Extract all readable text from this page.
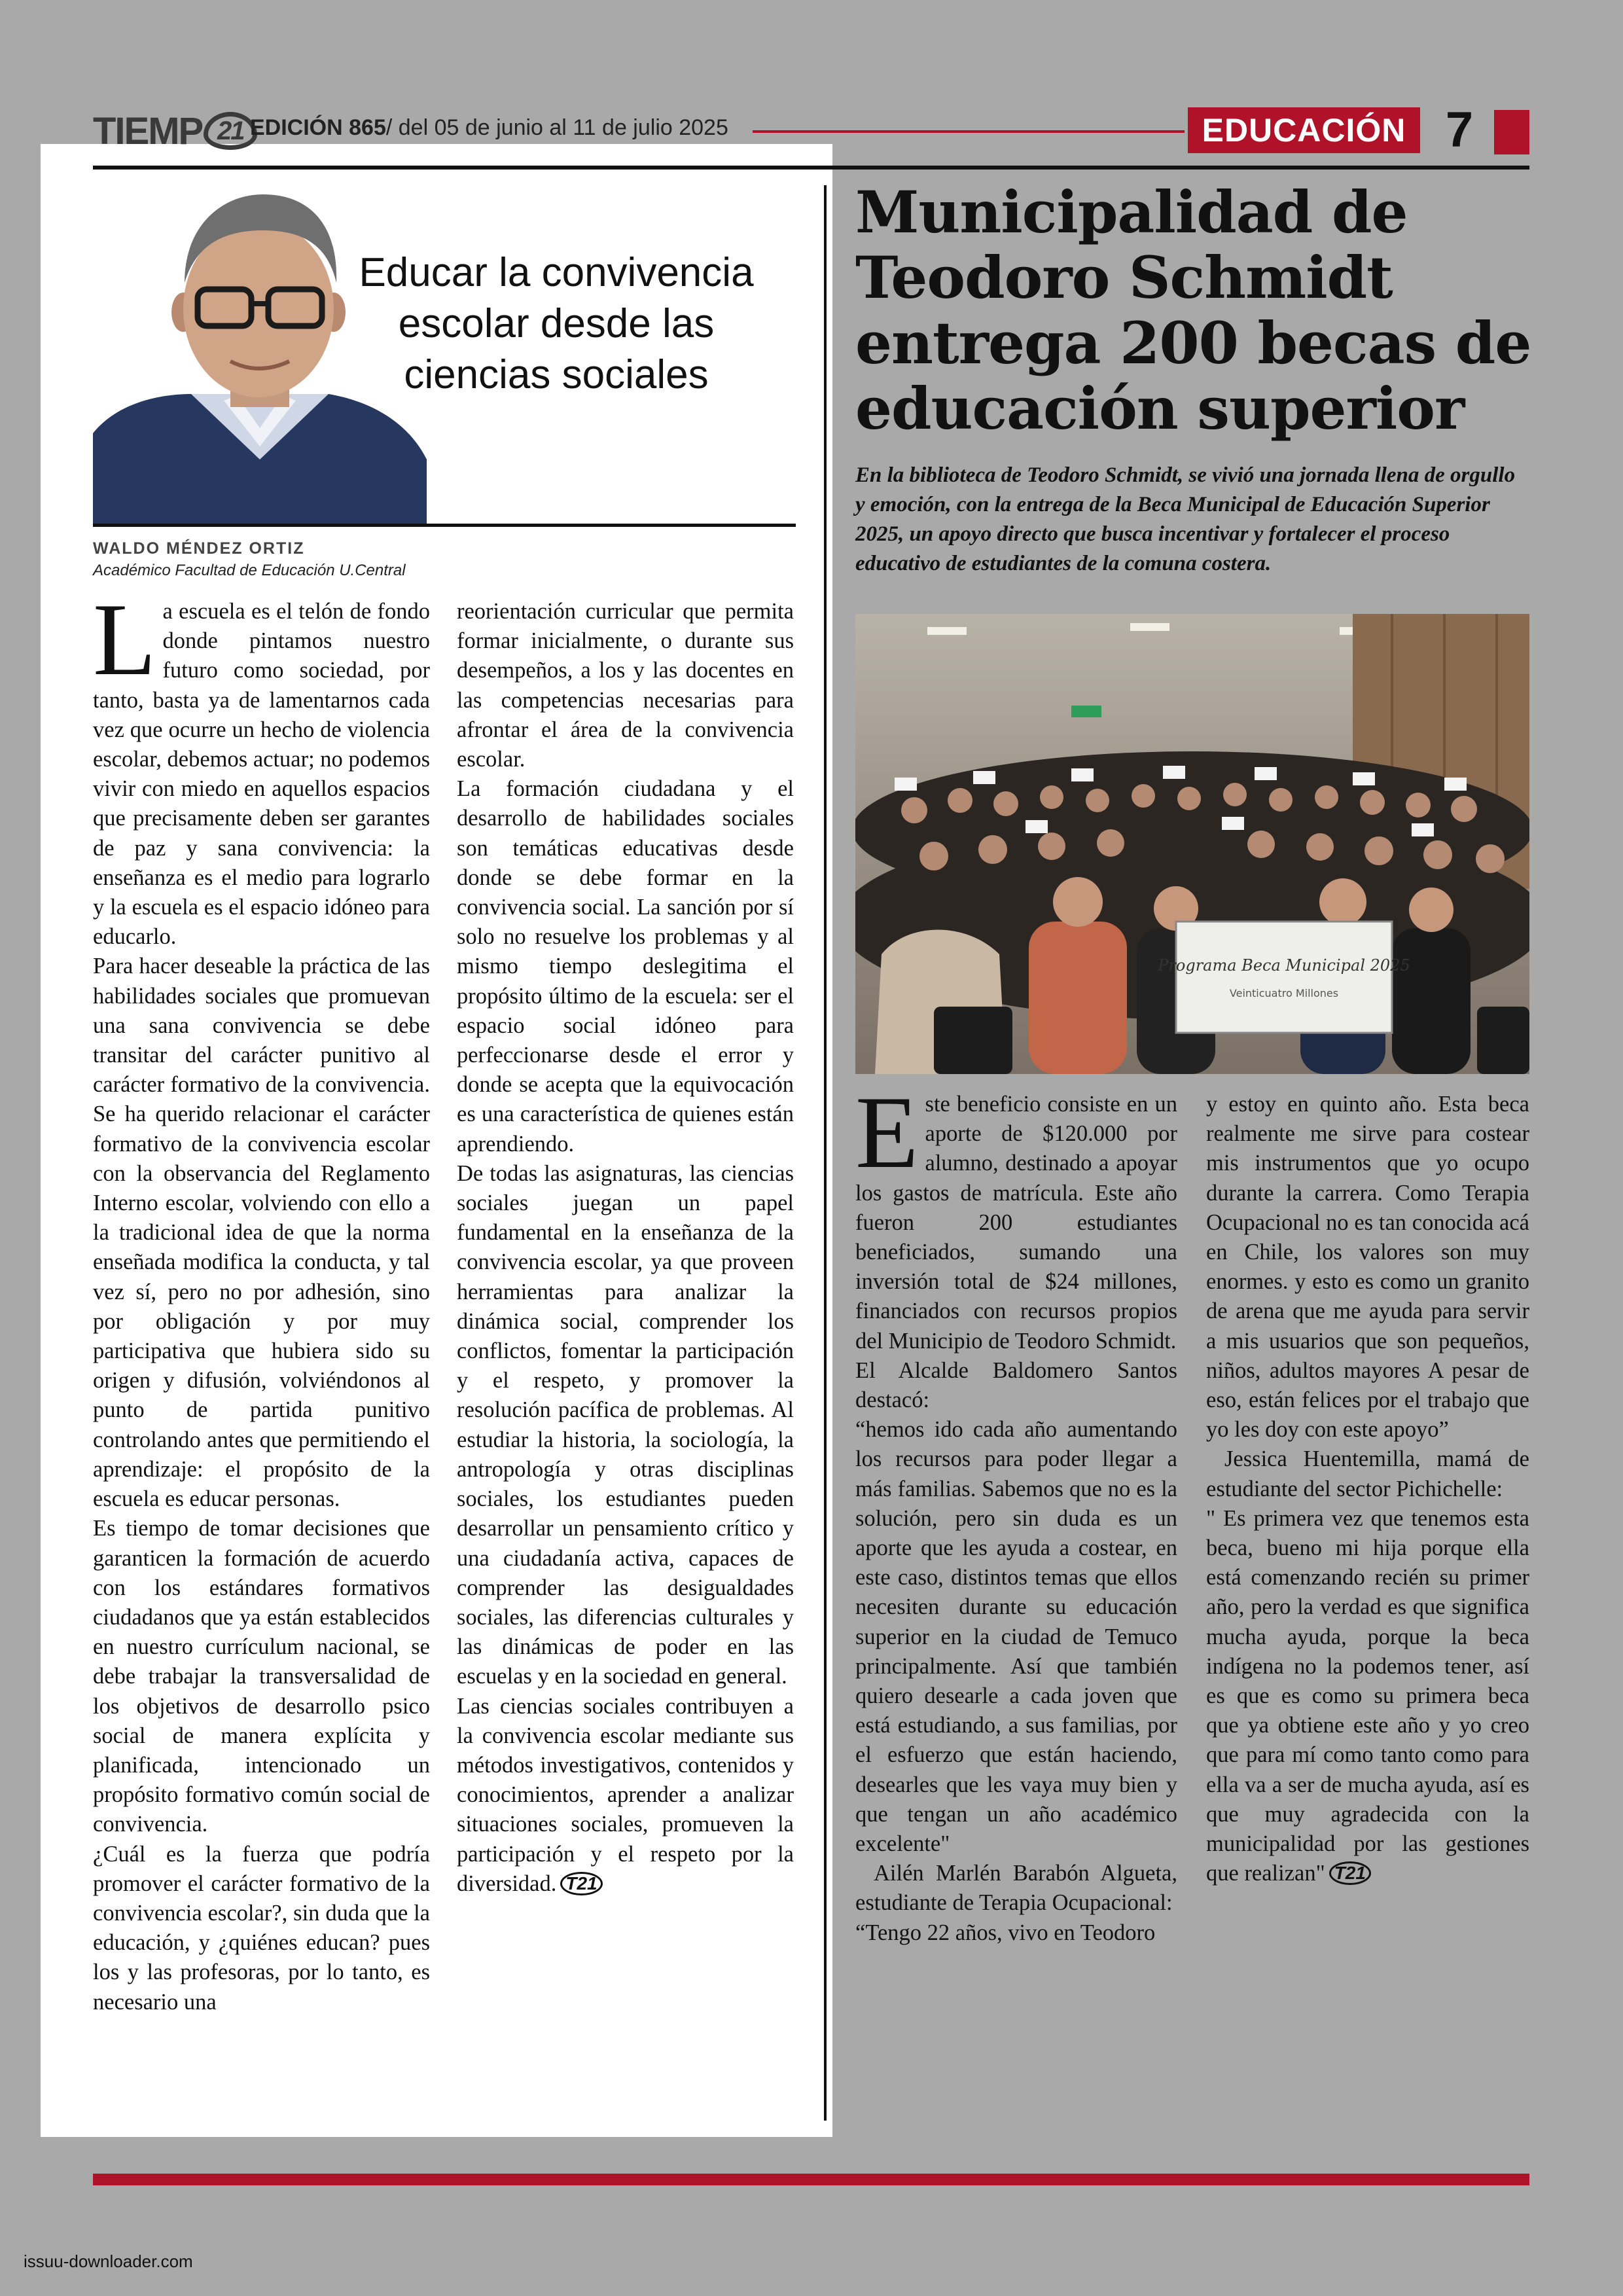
TIEMP 21 EDICIÓN 865/ del 05 de junio al 11 de julio 2025	EDUCACIÓN 7
Educar la convivencia escolar desde las ciencias sociales
WALDO MÉNDEZ ORTIZ
Académico Facultad de Educación U.Central

La escuela es el telón de fondo donde pintamos nuestro futuro como sociedad, por tanto, basta ya de lamentarnos cada vez que ocurre un hecho de violencia escolar, debemos actuar; no podemos vivir con miedo en aquellos espacios que precisamente deben ser garantes de paz y sana convivencia: la enseñanza es el medio para lograrlo y la escuela es el espacio idóneo para educarlo.

Para hacer deseable la práctica de las habilidades sociales que promuevan una sana convivencia se debe transitar del carácter punitivo al carácter formativo de la convivencia. Se ha querido relacionar el carácter formativo de la convivencia escolar con la observancia del Reglamento Interno escolar, volviendo con ello a la tradicional idea de que la norma enseñada modifica la conducta, y tal vez sí, pero no por adhesión, sino por obligación y por muy participativa que hubiera sido su origen y difusión, volviéndonos al punto de partida punitivo controlando antes que permitiendo el aprendizaje: el propósito de la escuela es educar personas.

Es tiempo de tomar decisiones que garanticen la formación de acuerdo con los estándares formativos ciudadanos que ya están establecidos en nuestro currículum nacional, se debe trabajar la transversalidad de los objetivos de desarrollo psico social de manera explícita y planificada, intencionado un propósito formativo común social de convivencia.

¿Cuál es la fuerza que podría promover el carácter formativo de la convivencia escolar?, sin duda que la educación, y ¿quiénes educan? pues los y las profesoras, por lo tanto, es necesario una

reorientación curricular que permita formar inicialmente, o durante sus desempeños, a los y las docentes en las competencias necesarias para afrontar el área de la convivencia escolar.

La formación ciudadana y el desarrollo de habilidades sociales son temáticas educativas desde donde se debe formar en la convivencia social. La sanción por sí solo no resuelve los problemas y al mismo tiempo deslegitima el propósito último de la escuela: ser el espacio social idóneo para perfeccionarse desde el error y donde se acepta que la equivocación es una característica de quienes están aprendiendo.

De todas las asignaturas, las ciencias sociales juegan un papel fundamental en la enseñanza de la convivencia escolar, ya que proveen herramientas para analizar la dinámica social, comprender los conflictos, fomentar la participación y el respeto, y promover la resolución pacífica de problemas. Al estudiar la historia, la sociología, la antropología y otras disciplinas sociales, los estudiantes pueden desarrollar un pensamiento crítico y una ciudadanía activa, capaces de comprender las desigualdades sociales, las diferencias culturales y las dinámicas de poder en las escuelas y en la sociedad en general.

Las ciencias sociales contribuyen a la convivencia escolar mediante sus métodos investigativos, contenidos y conocimientos, aprender a analizar situaciones sociales, promueven la participación y el respeto por la diversidad. T21

Municipalidad de Teodoro Schmidt entrega 200 becas de educación superior
En la biblioteca de Teodoro Schmidt, se vivió una jornada llena de orgullo y emoción, con la entrega de la Beca Municipal de Educación Superior 2025, un apoyo directo que busca incentivar y fortalecer el proceso educativo de estudiantes de la comuna costera.
Programa Beca Municipal 2025
Veinticuatro Millones

Este beneficio consiste en un aporte de $120.000 por alumno, destinado a apoyar los gastos de matrícula. Este año fueron 200 estudiantes beneficiados, sumando una inversión total de $24 millones, financiados con recursos propios del Municipio de Teodoro Schmidt.

El Alcalde Baldomero Santos destacó:

“hemos ido cada año aumentando los recursos para poder llegar a más familias. Sabemos que no es la solución, pero sin duda es un aporte que les ayuda a costear, en este caso, distintos temas que ellos necesiten durante su educación superior en la ciudad de Temuco principalmente. Así que también quiero desearle a cada joven que está estudiando, a sus familias, por el esfuerzo que están haciendo, desearles que les vaya muy bien y que tengan un año académico excelente"

Ailén Marlén Barabón Algueta, estudiante de Terapia Ocupacional:

“Tengo 22 años, vivo en Teodoro

y estoy en quinto año. Esta beca realmente me sirve para costear mis instrumentos que yo ocupo durante la carrera. Como Terapia Ocupacional no es tan conocida acá en Chile, los valores son muy enormes. y esto es como un granito de arena que me ayuda para servir a mis usuarios que son pequeños, niños, adultos mayores A pesar de eso, están felices por el trabajo que yo les doy con este apoyo”

Jessica Huentemilla, mamá de estudiante del sector Pichichelle:

" Es primera vez que tenemos esta beca, bueno mi hija porque ella está comenzando recién su primer año, pero la verdad es que significa mucha ayuda, porque la beca indígena no la podemos tener, así es que es como su primera beca que ya obtiene este año y yo creo que para mí como tanto como para ella va a ser de mucha ayuda, así es que muy agradecida con la municipalidad por las gestiones que realizan" T21

issuu-downloader.com
